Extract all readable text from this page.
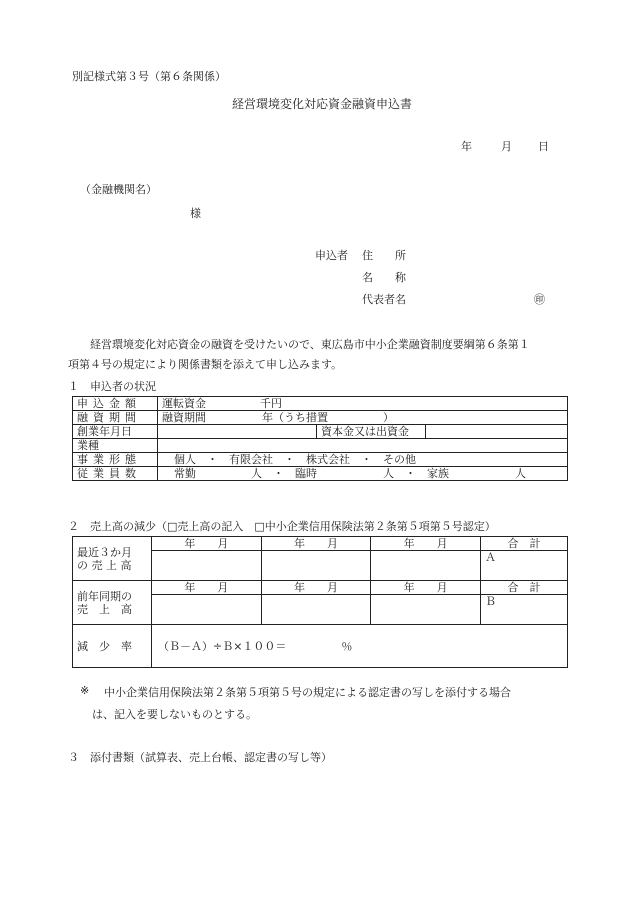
別記様式第３号（第６条関係）
経営環境変化対応資金融資申込書
年	月 日
（金融機関名）
様
申込者 住　　所
名　　称
代表者名	㊞
経営環境変化対応資金の融資を受けたいので、東広島市中小企業融資制度要綱第６条第１
項第４号の規定により関係書類を添えて申し込みます。
１　申込者の状況
申込金額	運転資金 千円		
融資期間	融資期間 年（うち措置　　　　　）		
創業年月日		資本金又は出資金	

業種			

事業形態	個人　・　有限会社　・　株式会社　・　その他		
従業員数	常勤　　　　　人　・　臨時　　　　　　人　・　家族　　　　　　人		
２　売上高の減少（□売上高の記入　□中小企業信用保険法第２条第５項第５号認定）
最近３か月
の 売 上 高	年　　月	年　　月	年　　月	合　計
				Ａ
前年同期の
売　上　高	年　　月	年　　月	年　　月	合　計
				Ｂ
減　少　率	（Ｂ－Ａ）÷Ｂ×１００＝　　　　　％			
※ 中小企業信用保険法第２条第５項第５号の規定による認定書の写しを添付する場合
は、記入を要しないものとする。
３　添付書類（試算表、売上台帳、認定書の写し等）
